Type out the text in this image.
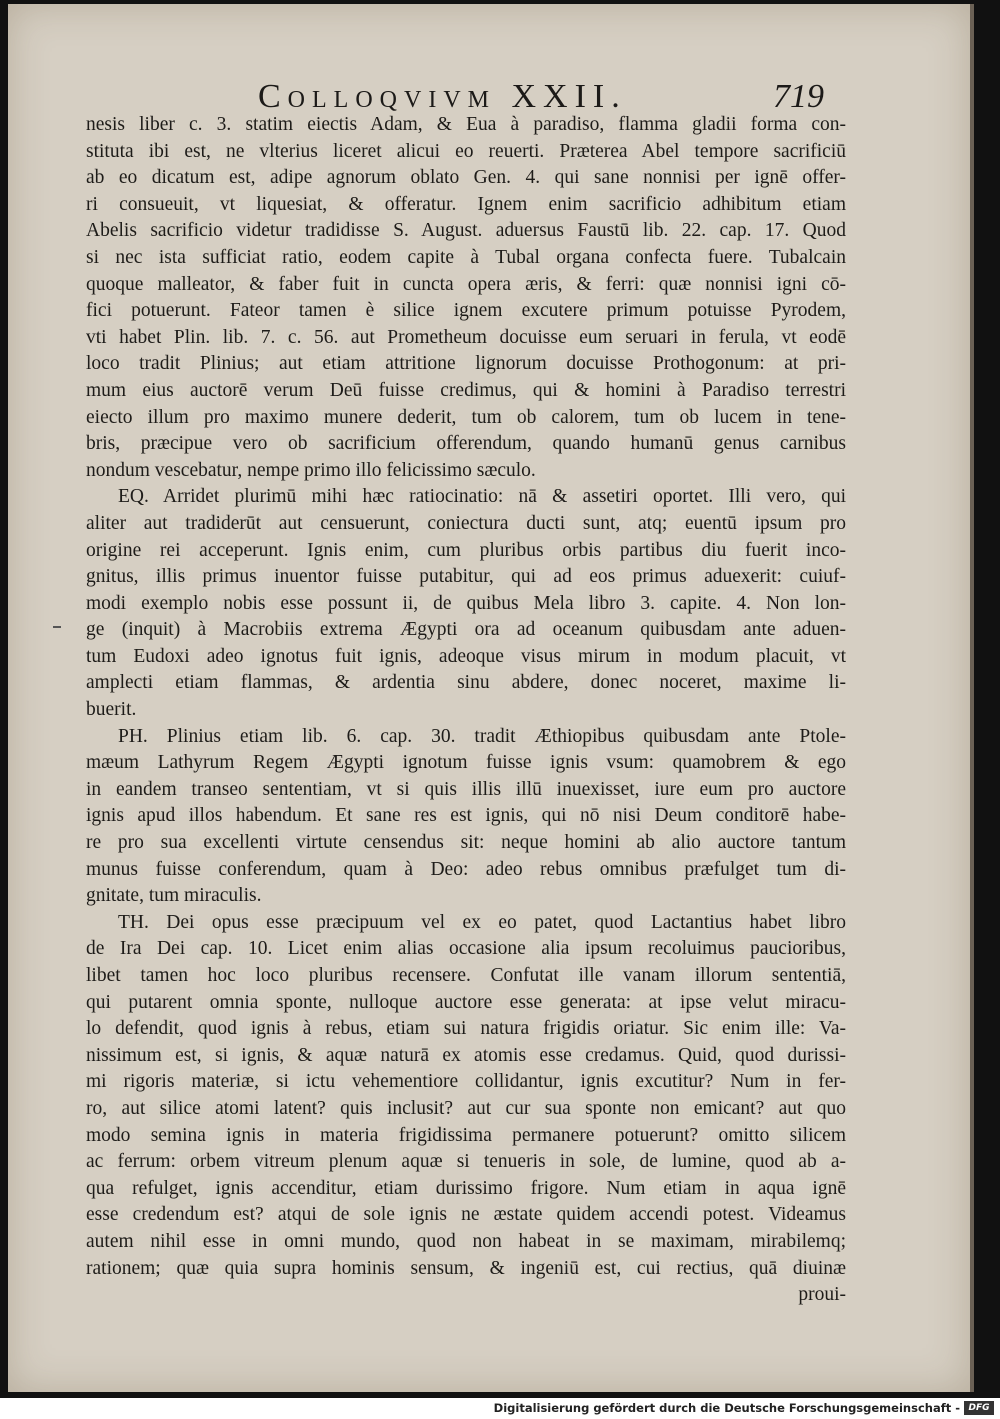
Colloqvivm XXII.	719
nesis liber c. 3. statim eiectis Adam, & Eua à paradiso, flamma gladii forma con-
stituta ibi est, ne vlterius liceret alicui eo reuerti. Præterea Abel tempore sacrificiū
ab eo dicatum est, adipe agnorum oblato Gen. 4. qui sane nonnisi per ignē offer-
ri consueuit, vt liquesiat, & offeratur. Ignem enim sacrificio adhibitum etiam
Abelis sacrificio videtur tradidisse S. August. aduersus Faustū lib. 22. cap. 17. Quod
si nec ista sufficiat ratio, eodem capite à Tubal organa confecta fuere. Tubalcain
quoque malleator, & faber fuit in cuncta opera æris, & ferri: quæ nonnisi igni cō-
fici potuerunt. Fateor tamen è silice ignem excutere primum potuisse Pyrodem,
vti habet Plin. lib. 7. c. 56. aut Prometheum docuisse eum seruari in ferula, vt eodē
loco tradit Plinius; aut etiam attritione lignorum docuisse Prothogonum: at pri-
mum eius auctorē verum Deū fuisse credimus, qui & homini à Paradiso terrestri
eiecto illum pro maximo munere dederit, tum ob calorem, tum ob lucem in tene-
bris, præcipue vero ob sacrificium offerendum, quando humanū genus carnibus
nondum vescebatur, nempe primo illo felicissimo sæculo.
EQ. Arridet plurimū mihi hæc ratiocinatio: nā & assetiri oportet. Illi vero, qui
aliter aut tradiderūt aut censuerunt, coniectura ducti sunt, atq; euentū ipsum pro
origine rei acceperunt. Ignis enim, cum pluribus orbis partibus diu fuerit inco-
gnitus, illis primus inuentor fuisse putabitur, qui ad eos primus aduexerit: cuiuf-
modi exemplo nobis esse possunt ii, de quibus Mela libro 3. capite. 4. Non lon-
ge (inquit) à Macrobiis extrema Ægypti ora ad oceanum quibusdam ante aduen-
tum Eudoxi adeo ignotus fuit ignis, adeoque visus mirum in modum placuit, vt
amplecti etiam flammas, & ardentia sinu abdere, donec noceret, maxime li-
buerit.
PH. Plinius etiam lib. 6. cap. 30. tradit Æthiopibus quibusdam ante Ptole-
mæum Lathyrum Regem Ægypti ignotum fuisse ignis vsum: quamobrem & ego
in eandem transeo sententiam, vt si quis illis illū inuexisset, iure eum pro auctore
ignis apud illos habendum. Et sane res est ignis, qui nō nisi Deum conditorē habe-
re pro sua excellenti virtute censendus sit: neque homini ab alio auctore tantum
munus fuisse conferendum, quam à Deo: adeo rebus omnibus præfulget tum di-
gnitate, tum miraculis.
TH. Dei opus esse præcipuum vel ex eo patet, quod Lactantius habet libro
de Ira Dei cap. 10. Licet enim alias occasione alia ipsum recoluimus paucioribus,
libet tamen hoc loco pluribus recensere. Confutat ille vanam illorum sententiā,
qui putarent omnia sponte, nulloque auctore esse generata: at ipse velut miracu-
lo defendit, quod ignis à rebus, etiam sui natura frigidis oriatur. Sic enim ille: Va-
nissimum est, si ignis, & aquæ naturā ex atomis esse credamus. Quid, quod durissi-
mi rigoris materiæ, si ictu vehementiore collidantur, ignis excutitur? Num in fer-
ro, aut silice atomi latent? quis inclusit? aut cur sua sponte non emicant? aut quo
modo semina ignis in materia frigidissima permanere potuerunt? omitto silicem
ac ferrum: orbem vitreum plenum aquæ si tenueris in sole, de lumine, quod ab a-
qua refulget, ignis accenditur, etiam durissimo frigore. Num etiam in aqua ignē
esse credendum est? atqui de sole ignis ne æstate quidem accendi potest. Videamus
autem nihil esse in omni mundo, quod non habeat in se maximam, mirabilemq;
rationem; quæ quia supra hominis sensum, & ingeniū est, cui rectius, quā diuinæ
proui-
Digitalisierung gefördert durch die Deutsche Forschungsgemeinschaft - DFG
